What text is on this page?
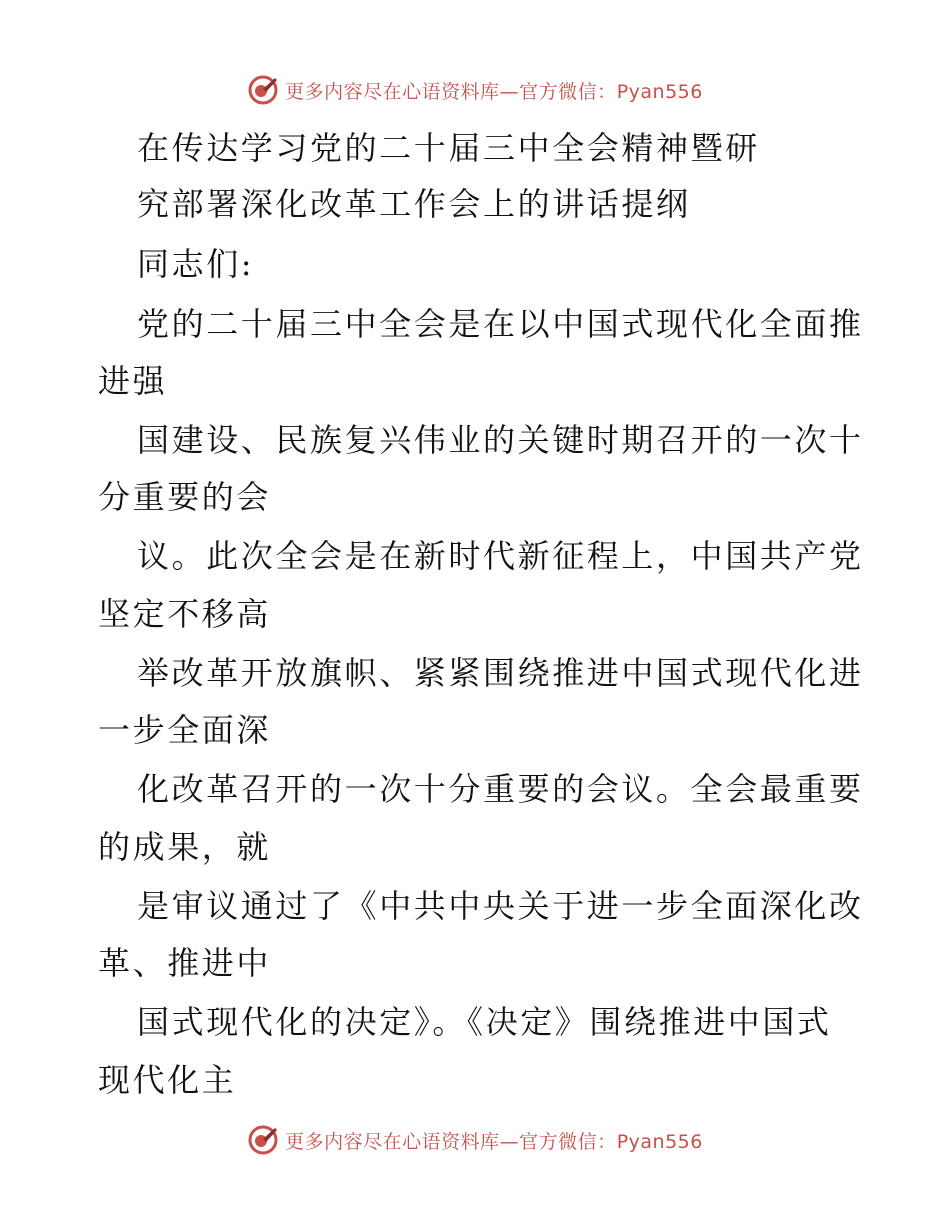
更多内容尽在心语资料库—官方微信：Pyan556
在传达学习党的二十届三中全会精神暨研
究部署深化改革工作会上的讲话提纲
同志们:
党的二十届三中全会是在以中国式现代化全面推
进强
国建设、民族复兴伟业的关键时期召开的一次十
分重要的会
议。此次全会是在新时代新征程上，中国共产党
坚定不移高
举改革开放旗帜、紧紧围绕推进中国式现代化进
一步全面深
化改革召开的一次十分重要的会议。全会最重要
的成果，就
是审议通过了《中共中央关于进一步全面深化改
革、推进中
国式现代化的决定》。《决定》围绕推进中国式
现代化主
更多内容尽在心语资料库—官方微信：Pyan556
